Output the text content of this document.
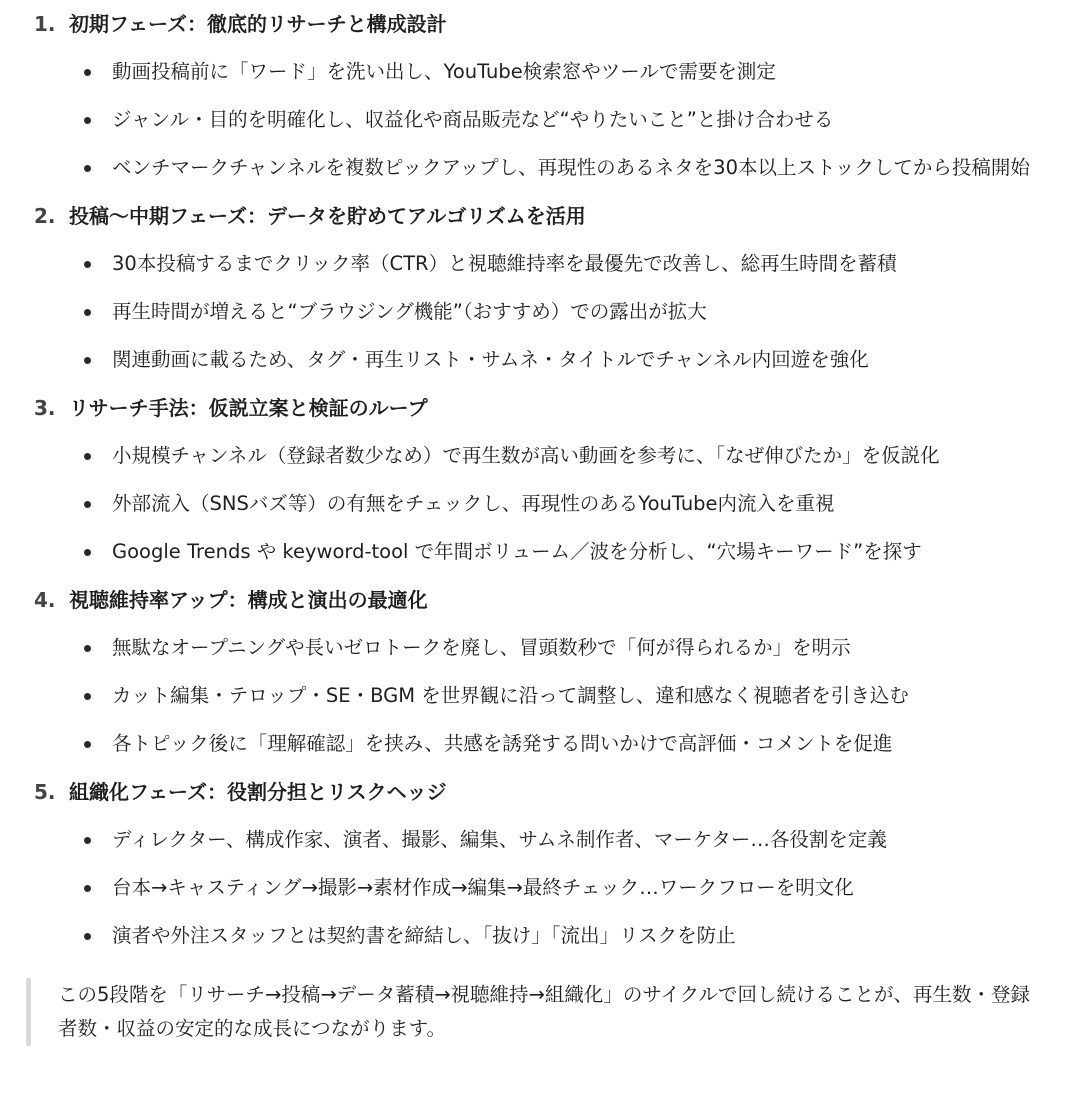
1. 初期フェーズ：徹底的リサーチと構成設計
動画投稿前に「ワード」を洗い出し、YouTube検索窓やツールで需要を測定
ジャンル・目的を明確化し、収益化や商品販売など“やりたいこと”と掛け合わせる
ベンチマークチャンネルを複数ピックアップし、再現性のあるネタを30本以上ストックしてから投稿開始
2. 投稿〜中期フェーズ：データを貯めてアルゴリズムを活用
30本投稿するまでクリック率（CTR）と視聴維持率を最優先で改善し、総再生時間を蓄積
再生時間が増えると“ブラウジング機能”（おすすめ）での露出が拡大
関連動画に載るため、タグ・再生リスト・サムネ・タイトルでチャンネル内回遊を強化
3. リサーチ手法：仮説立案と検証のループ
小規模チャンネル（登録者数少なめ）で再生数が高い動画を参考に、「なぜ伸びたか」を仮説化
外部流入（SNSバズ等）の有無をチェックし、再現性のあるYouTube内流入を重視
Google Trends や keyword-tool で年間ボリューム／波を分析し、“穴場キーワード”を探す
4. 視聴維持率アップ：構成と演出の最適化
無駄なオープニングや長いゼロトークを廃し、冒頭数秒で「何が得られるか」を明示
カット編集・テロップ・SE・BGM を世界観に沿って調整し、違和感なく視聴者を引き込む
各トピック後に「理解確認」を挟み、共感を誘発する問いかけで高評価・コメントを促進
5. 組織化フェーズ：役割分担とリスクヘッジ
ディレクター、構成作家、演者、撮影、編集、サムネ制作者、マーケター…各役割を定義
台本→キャスティング→撮影→素材作成→編集→最終チェック…ワークフローを明文化
演者や外注スタッフとは契約書を締結し、「抜け」「流出」リスクを防止
この5段階を「リサーチ→投稿→データ蓄積→視聴維持→組織化」のサイクルで回し続けることが、再生数・登録者数・収益の安定的な成長につながります。
